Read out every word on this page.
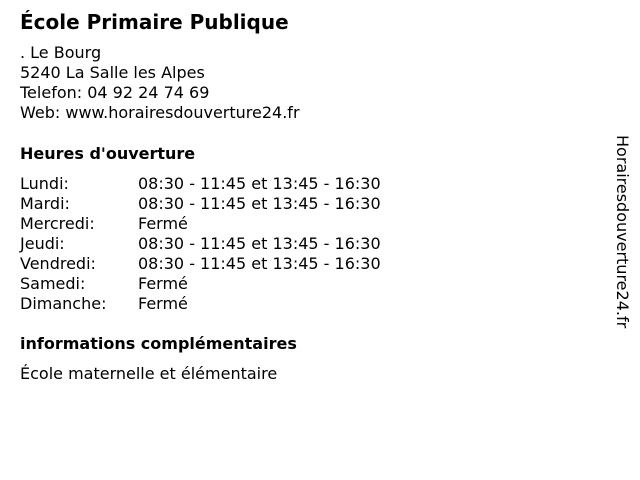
École Primaire Publique
. Le Bourg
5240 La Salle les Alpes
Telefon: 04 92 24 74 69
Web: www.horairesdouverture24.fr
Heures d'ouverture
Lundi:	08:30 - 11:45 et 13:45 - 16:30
Mardi:	08:30 - 11:45 et 13:45 - 16:30
Mercredi:	Fermé
Jeudi:	08:30 - 11:45 et 13:45 - 16:30
Vendredi:	08:30 - 11:45 et 13:45 - 16:30
Samedi:	Fermé
Dimanche: Fermé
informations complémentaires
École maternelle et élémentaire
Horairesdouverture24.fr
